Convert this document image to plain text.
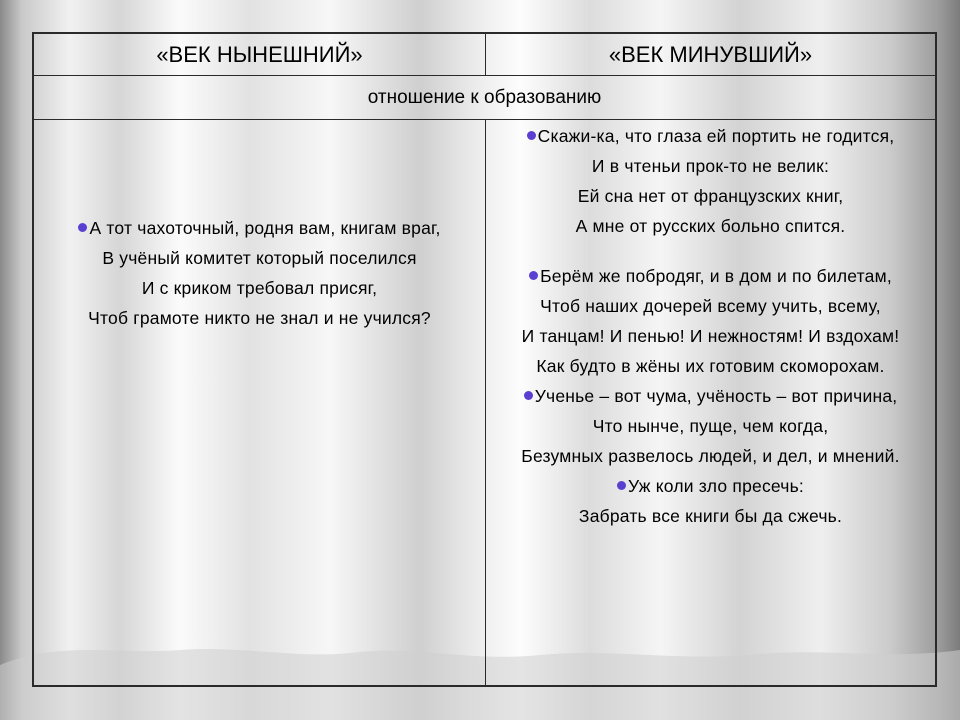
«ВЕК НЫНЕШНИЙ»	«ВЕК МИНУВШИЙ»
отношение к образованию

А тот чахоточный, родня вам, книгам враг,

В учёный комитет который поселился

И с криком требовал присяг,

Чтоб грамоте никто не знал и не учился?

Скажи-ка, что глаза ей портить не годится,

И в чтеньи прок-то не велик:

Ей сна нет от французских книг,

А мне от русских больно спится.

Берём же побродяг, и в дом и по билетам,

Чтоб наших дочерей всему учить, всему,

И танцам! И пенью! И нежностям! И вздохам!

Как будто в жёны их готовим скоморохам.

Ученье – вот чума, учёность – вот причина,

Что нынче, пуще, чем когда,

Безумных развелось людей, и дел, и мнений.

Уж коли зло пресечь:

Забрать все книги бы да сжечь.
